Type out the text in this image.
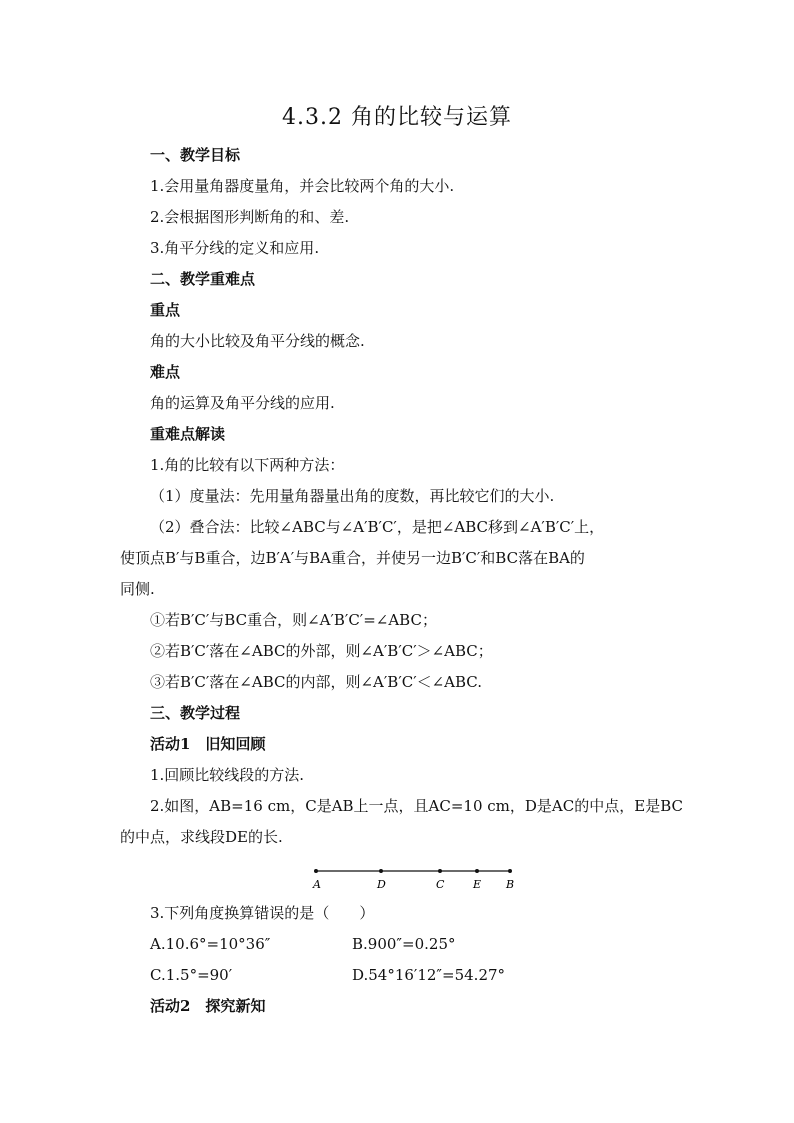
4.3.2 角的比较与运算
一、教学目标
1.会用量角器度量角，并会比较两个角的大小.
2.会根据图形判断角的和、差.
3.角平分线的定义和应用.
二、教学重难点
重点
角的大小比较及角平分线的概念.
难点
角的运算及角平分线的应用.
重难点解读
1.角的比较有以下两种方法：
（1）度量法：先用量角器量出角的度数，再比较它们的大小.
（2）叠合法：比较∠ABC与∠A′B′C′，是把∠ABC移到∠A′B′C′上，
使顶点B′与B重合，边B′A′与BA重合，并使另一边B′C′和BC落在BA的
同侧.
①若B′C′与BC重合，则∠A′B′C′=∠ABC；
②若B′C′落在∠ABC的外部，则∠A′B′C′＞∠ABC；
③若B′C′落在∠ABC的内部，则∠A′B′C′＜∠ABC.
三、教学过程
活动1　旧知回顾
1.回顾比较线段的方法.
2.如图，AB=16 cm，C是AB上一点，且AC=10 cm，D是AC的中点，E是BC
的中点，求线段DE的长.
A	D	C	E B
3.下列角度换算错误的是（　　）
A.10.6°=10°36″	B.900″=0.25°
C.1.5°=90′	D.54°16′12″=54.27°
活动2　探究新知
